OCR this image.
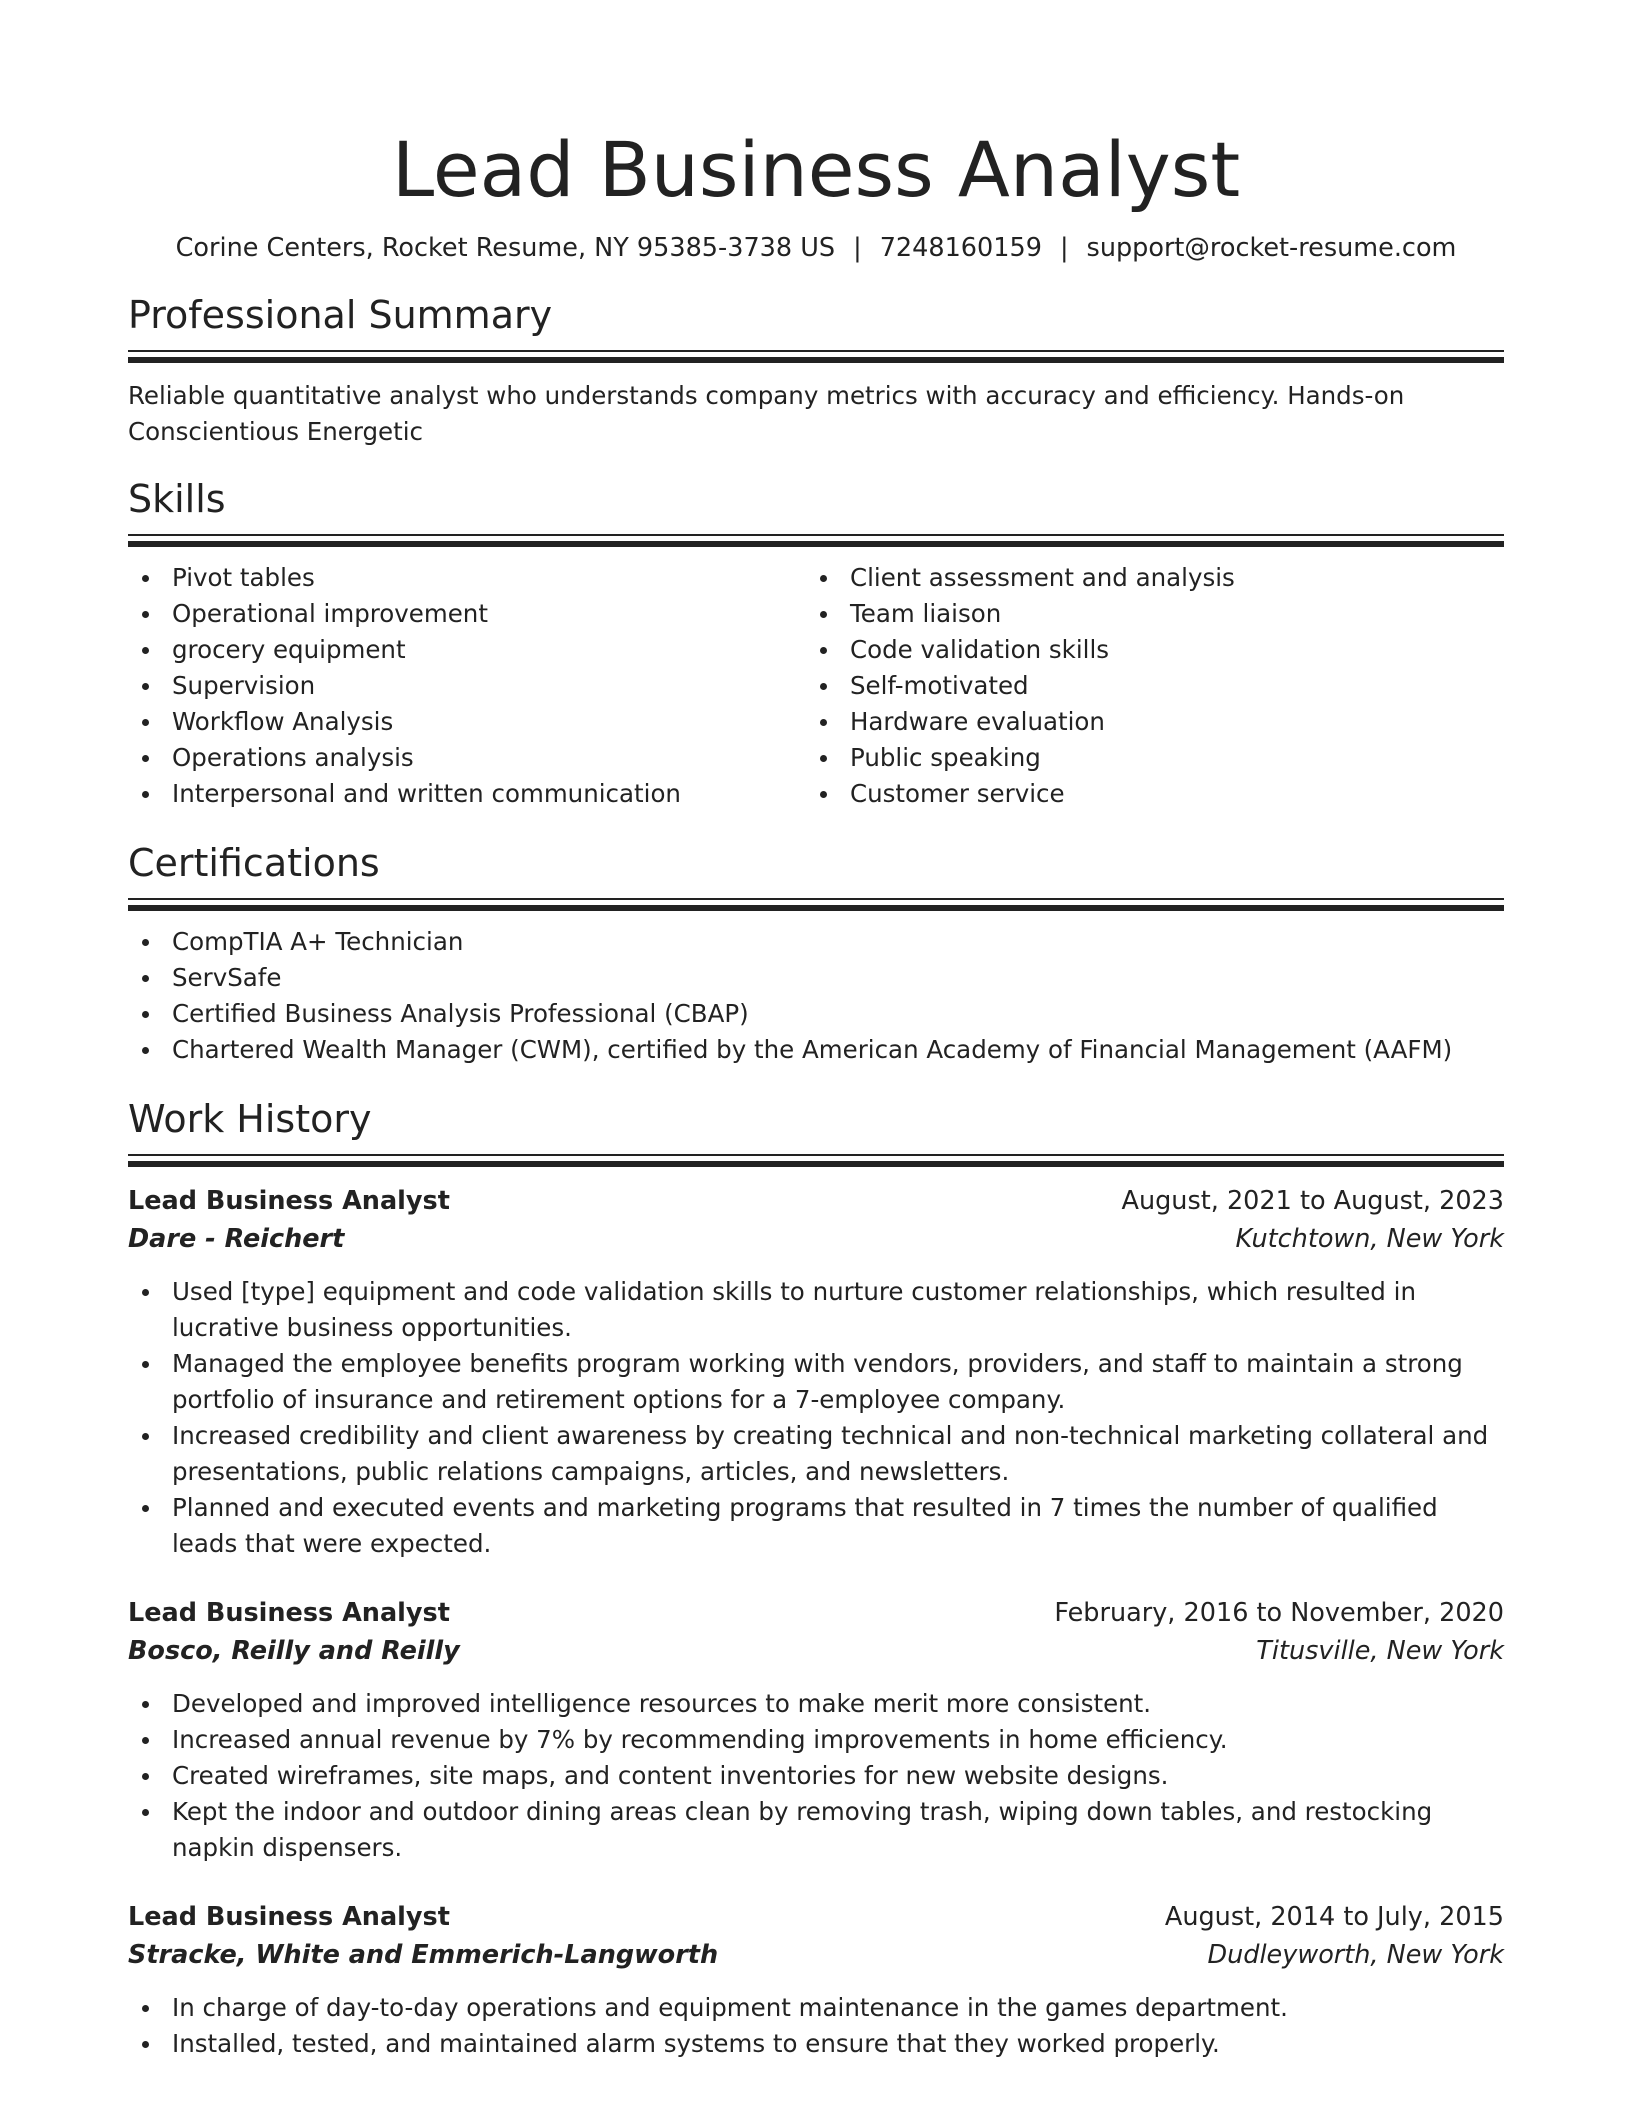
Lead Business Analyst
Corine Centers, Rocket Resume, NY 95385-3738 US | 7248160159 | support@rocket-resume.com
Professional Summary
Reliable quantitative analyst who understands company metrics with accuracy and efficiency. Hands-on Conscientious Energetic
Skills
Pivot tables
Operational improvement
grocery equipment
Supervision
Workflow Analysis
Operations analysis
Interpersonal and written communication
Client assessment and analysis
Team liaison
Code validation skills
Self-motivated
Hardware evaluation
Public speaking
Customer service
Certifications
CompTIA A+ Technician
ServSafe
Certified Business Analysis Professional (CBAP)
Chartered Wealth Manager (CWM), certified by the American Academy of Financial Management (AAFM)
Work History
Lead Business Analyst	August, 2021 to August, 2023
Dare - Reichert	Kutchtown, New York
Used [type] equipment and code validation skills to nurture customer relationships, which resulted in lucrative business opportunities.
Managed the employee benefits program working with vendors, providers, and staff to maintain a strong portfolio of insurance and retirement options for a 7-employee company.
Increased credibility and client awareness by creating technical and non-technical marketing collateral and presentations, public relations campaigns, articles, and newsletters.
Planned and executed events and marketing programs that resulted in 7 times the number of qualified leads that were expected.
Lead Business Analyst	February, 2016 to November, 2020
Bosco, Reilly and Reilly	Titusville, New York
Developed and improved intelligence resources to make merit more consistent.
Increased annual revenue by 7% by recommending improvements in home efficiency.
Created wireframes, site maps, and content inventories for new website designs.
Kept the indoor and outdoor dining areas clean by removing trash, wiping down tables, and restocking napkin dispensers.
Lead Business Analyst	August, 2014 to July, 2015
Stracke, White and Emmerich-Langworth	Dudleyworth, New York
In charge of day-to-day operations and equipment maintenance in the games department.
Installed, tested, and maintained alarm systems to ensure that they worked properly.
